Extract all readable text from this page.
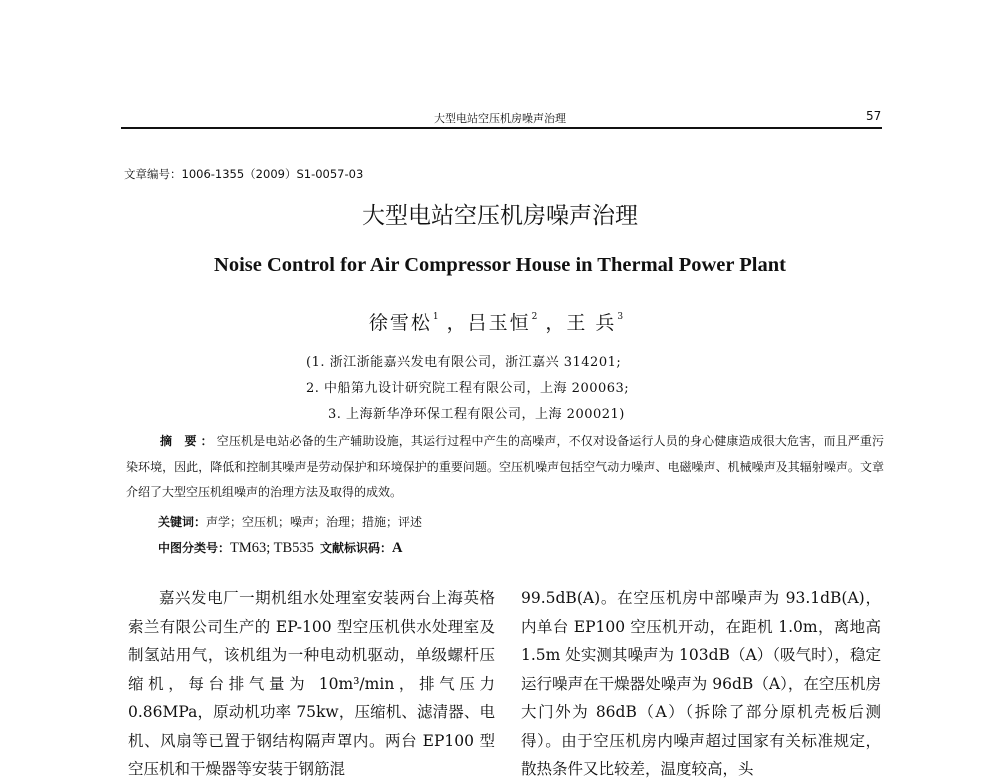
大型电站空压机房噪声治理	57
文章编号：1006-1355（2009）S1-0057-03
大型电站空压机房噪声治理
Noise Control for Air Compressor House in Thermal Power Plant
徐雪松$^1$ ，吕玉恒$^2$ ，王 兵$^3$
(1. 浙江浙能嘉兴发电有限公司，浙江嘉兴 314201;
2. 中船第九设计研究院工程有限公司，上海 200063;
3. 上海新华净环保工程有限公司，上海 200021)
摘 要：空压机是电站必备的生产辅助设施，其运行过程中产生的高噪声，不仅对设备运行人员的身心健康造成很大危害，而且严重污染环境，因此，降低和控制其噪声是劳动保护和环境保护的重要问题。空压机噪声包括空气动力噪声、电磁噪声、机械噪声及其辐射噪声。文章介绍了大型空压机组噪声的治理方法及取得的成效。
关键词：声学；空压机；噪声；治理；措施；评述
中图分类号：TM63; TB535 文献标识码：A
嘉兴发电厂一期机组水处理室安装两台上海英格索兰有限公司生产的 EP-100 型空压机供水处理室及制氢站用气，该机组为一种电动机驱动，单级螺杆压缩机，每台排气量为 10m³/min，排气压力 0.86MPa，原动机功率 75kw，压缩机、滤清器、电机、风扇等已置于钢结构隔声罩内。两台 EP100 型空压机和干燥器等安装于钢筋混
99.5dB(A)。在空压机房中部噪声为 93.1dB(A)，内单台 EP100 空压机开动，在距机 1.0m，离地高 1.5m 处实测其噪声为 103dB（A）（吸气时），稳定运行噪声在干燥器处噪声为 96dB（A），在空压机房大门外为 86dB（A）（拆除了部分原机壳板后测得）。由于空压机房内噪声超过国家有关标准规定，散热条件又比较差，温度较高，头
